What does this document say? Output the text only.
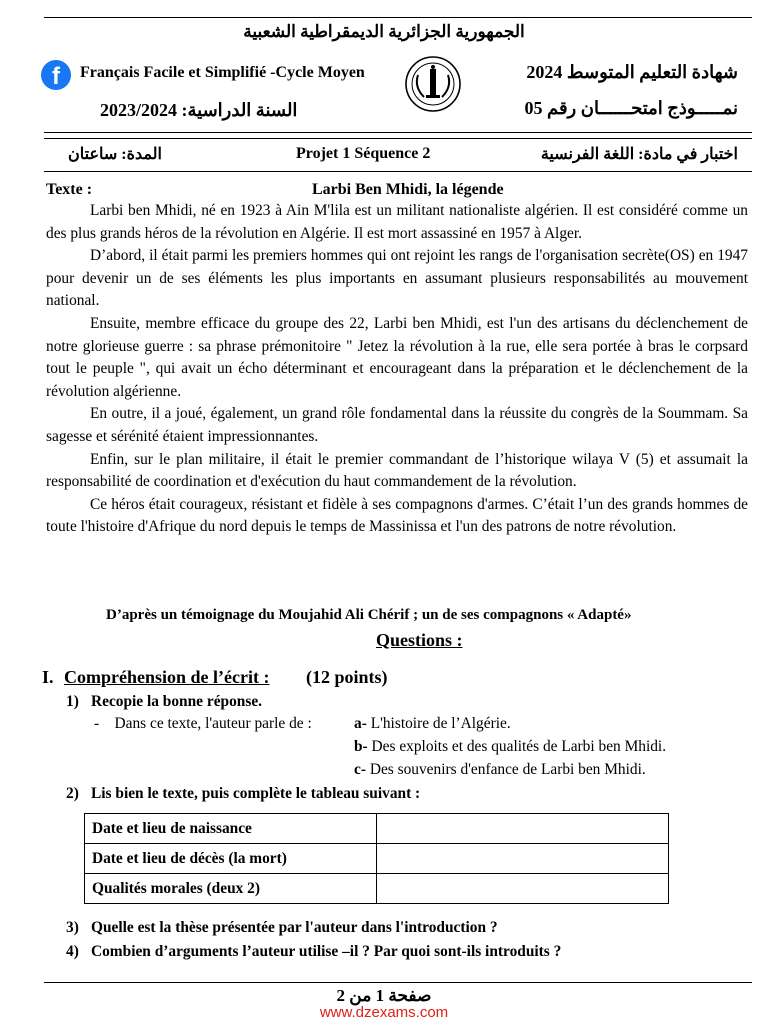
الجمهورية الجزائرية الديمقراطية الشعبية
f	Français Facile et Simplifié -Cycle Moyen	شهادة التعليم المتوسط 2024
نمـــــوذج امتحــــــان رقم 05
السنة الدراسية: 2023/2024
اختبار في مادة: اللغة الفرنسية
Projet 1 Séquence 2
المدة: ساعتان
Texte :	Larbi Ben Mhidi, la légende

Larbi ben Mhidi, né en 1923 à Ain M'lila est un militant nationaliste algérien. Il est considéré comme un des plus grands héros de la révolution en Algérie. Il est mort assassiné en 1957 à Alger.

D’abord, il était parmi les premiers hommes qui ont rejoint les rangs de l'organisation secrète(OS) en 1947 pour devenir un de ses éléments les plus importants en assumant plusieurs responsabilités au mouvement national.

Ensuite, membre efficace du groupe des 22, Larbi ben Mhidi, est l'un des artisans du déclenchement de notre glorieuse guerre : sa phrase prémonitoire " Jetez la révolution à la rue, elle sera portée à bras le corpsard tout le peuple ", qui avait un écho déterminant et encourageant dans la préparation et le déclenchement de la révolution algérienne.

En outre, il a joué, également, un grand rôle fondamental dans la réussite du congrès de la Soummam. Sa sagesse et sérénité étaient impressionnantes.

Enfin, sur le plan militaire, il était le premier commandant de l’historique wilaya V (5) et assumait la responsabilité de coordination et d'exécution du haut commandement de la révolution.

Ce héros était courageux, résistant et fidèle à ses compagnons d'armes. C’était l’un des grands hommes de toute l'histoire d'Afrique du nord depuis le temps de Massinissa et l'un des patrons de notre révolution.

D’après un témoignage du Moujahid Ali Chérif ; un de ses compagnons « Adapté»
Questions :
I. Compréhension de l’écrit : (12 points)
1) Recopie la bonne réponse.
-    Dans ce texte, l'auteur parle de :	a- L'histoire de l’Algérie.
b- Des exploits et des qualités de Larbi ben Mhidi.
c- Des souvenirs d'enfance de Larbi ben Mhidi.
2) Lis bien le texte, puis complète le tableau suivant :
Date et lieu de naissance	
Date et lieu de décès (la mort)	
Qualités morales (deux 2)	
3) Quelle est la thèse présentée par l'auteur dans l'introduction ?
4) Combien d’arguments l’auteur utilise –il ? Par quoi sont-ils introduits ?
صفحة 1 من 2
www.dzexams.com
